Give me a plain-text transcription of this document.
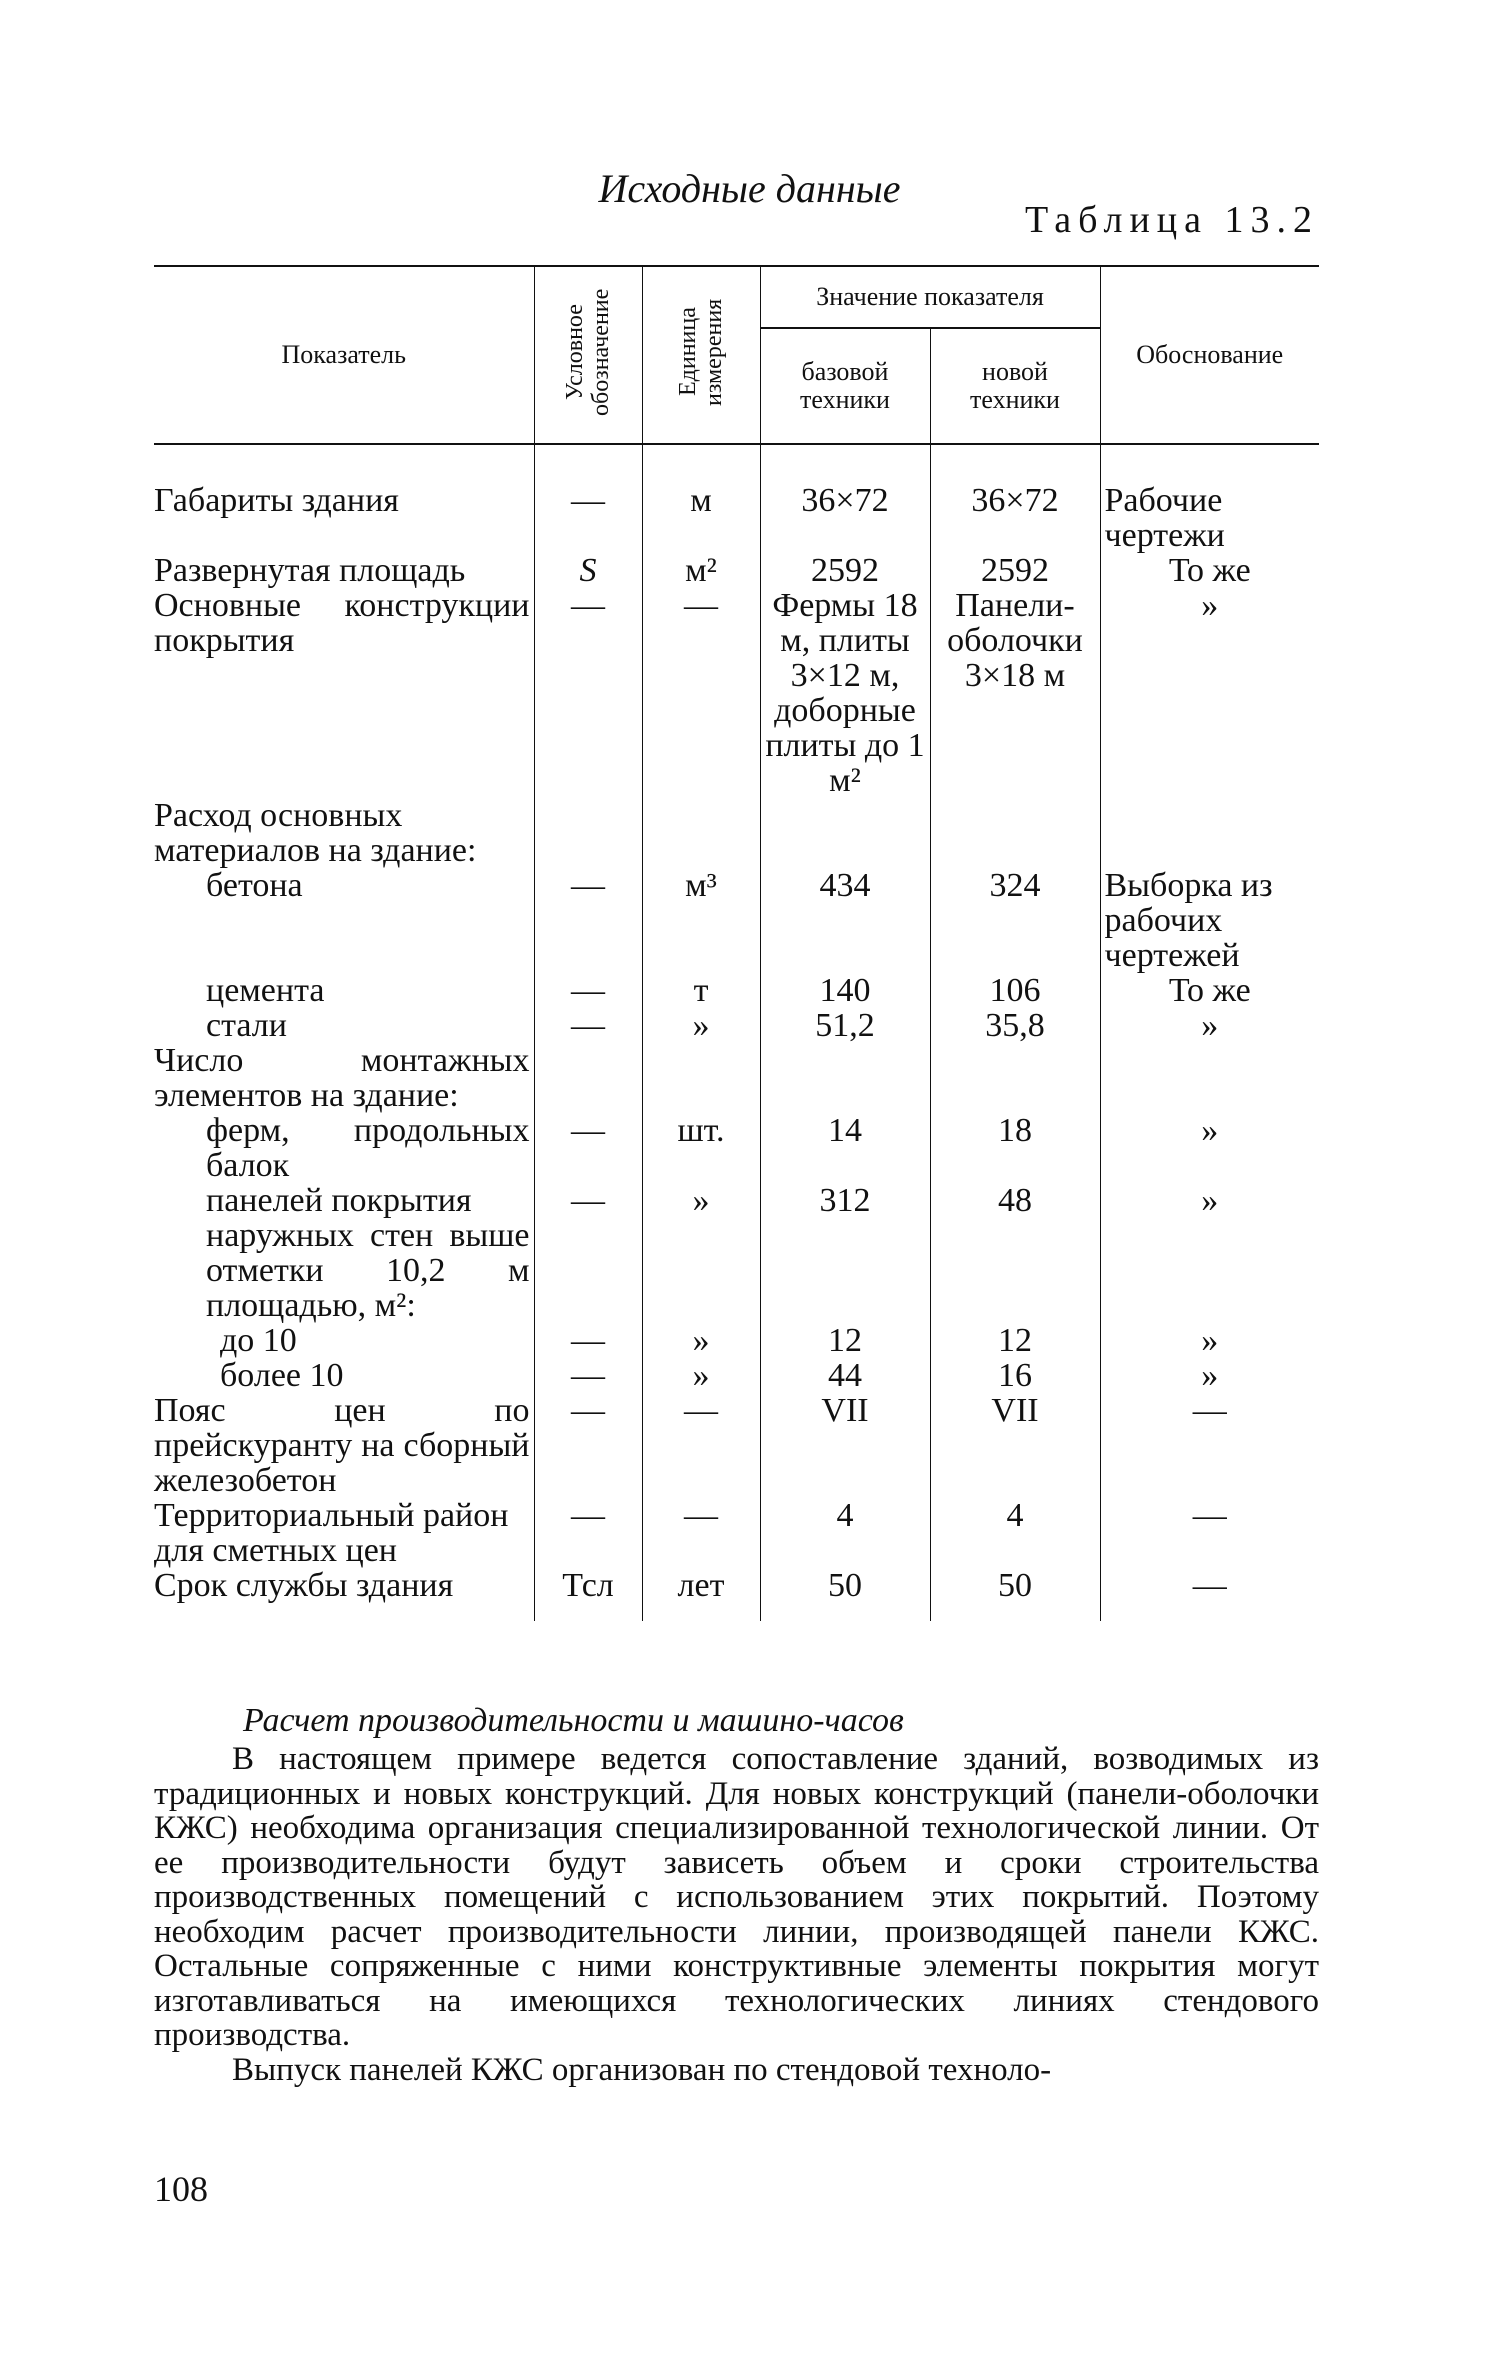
Исходные данные
Таблица 13.2
Показатель	Условное обозначение	Единица измерения	Значение показателя		Обоснование
			базовой техники	новой техники	

Габариты здания	—	м	36×72	36×72	Рабочие чертежи
Развернутая площадь	S	м²	2592	2592	То же
Основные конструкции покрытия	—	—	Фермы 18 м, плиты 3×12 м, доборные плиты до 1 м²	Панели-оболочки 3×18 м	»
Расход основных материалов на здание:					
бетона	—	м³	434	324	Выборка из рабочих чертежей
цемента	—	т	140	106	То же
стали	—	»	51,2	35,8	»
Число монтажных элементов на здание:					
ферм, продольных балок	—	шт.	14	18	»
панелей покрытия	—	»	312	48	»
наружных стен выше отметки 10,2 м площадью, м²:					
до 10	—	»	12	12	»
более 10	—	»	44	16	»
Пояс цен по прейскуранту на сборный железобетон	—	—	VII	VII	—
Территориальный район для сметных цен	—	—	4	4	—
Срок службы здания	Тсл	лет	50	50	—

Расчет производительности и машино-часов

В настоящем примере ведется сопоставление зданий, возводимых из традиционных и новых конструкций. Для новых конструкций (панели-оболочки КЖС) необходима организация специализированной технологической линии. От ее производительности будут зависеть объем и сроки строительства производственных помещений с использованием этих покрытий. Поэтому необходим расчет производительности линии, производящей панели КЖС. Остальные сопряженные с ними конструктивные элементы покрытия могут изготавливаться на имеющихся технологических линиях стендового производства.

Выпуск панелей КЖС организован по стендовой техноло-

108
